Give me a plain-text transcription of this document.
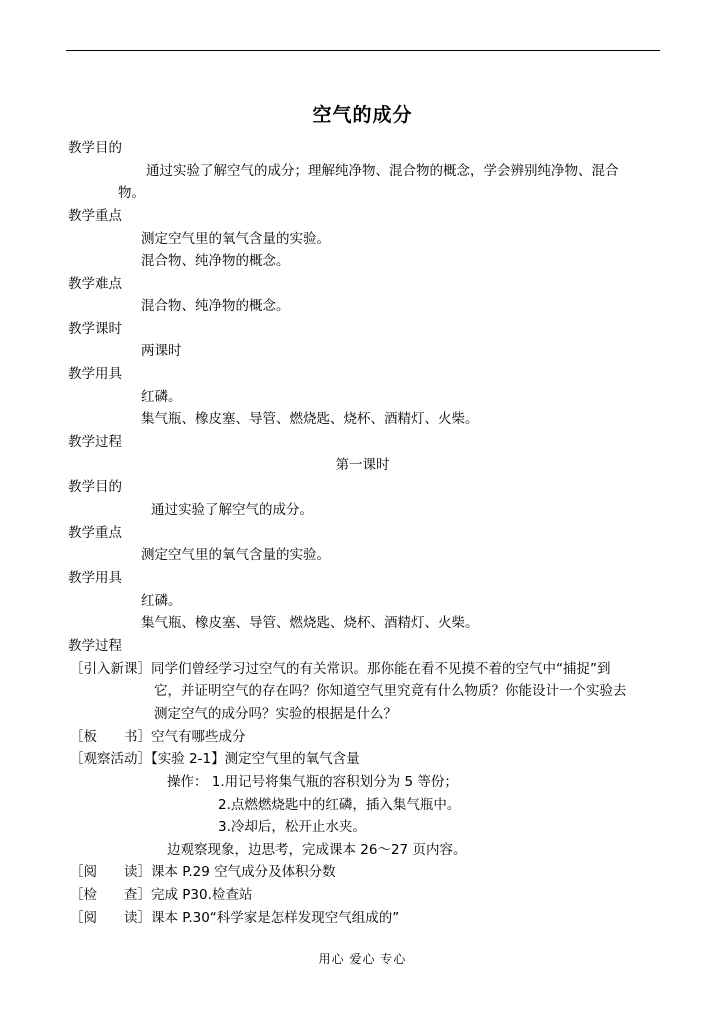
空气的成分
教学目的
通过实验了解空气的成分；理解纯净物、混合物的概念，学会辨别纯净物、混合
物。
教学重点
测定空气里的氧气含量的实验。
混合物、纯净物的概念。
教学难点
混合物、纯净物的概念。
教学课时
两课时
教学用具
红磷。
集气瓶、橡皮塞、导管、燃烧匙、烧杯、酒精灯、火柴。
教学过程
第一课时
教学目的
通过实验了解空气的成分。
教学重点
测定空气里的氧气含量的实验。
教学用具
红磷。
集气瓶、橡皮塞、导管、燃烧匙、烧杯、酒精灯、火柴。
教学过程
［引入新课］同学们曾经学习过空气的有关常识。那你能在看不见摸不着的空气中“捕捉”到
它，并证明空气的存在吗？你知道空气里究竟有什么物质？你能设计一个实验去
测定空气的成分吗？实验的根据是什么？
［板　　书］空气有哪些成分
［观察活动］【实验 2-1】测定空气里的氧气含量
操作： 1.用记号将集气瓶的容积划分为 5 等份；
2.点燃燃烧匙中的红磷，插入集气瓶中。
3.冷却后，松开止水夹。
边观察现象，边思考，完成课本 26～27 页内容。
［阅　　读］课本 P.29 空气成分及体积分数
［检　　查］完成 P30.检查站
［阅　　读］课本 P.30“科学家是怎样发现空气组成的”
用心 爱心 专心
